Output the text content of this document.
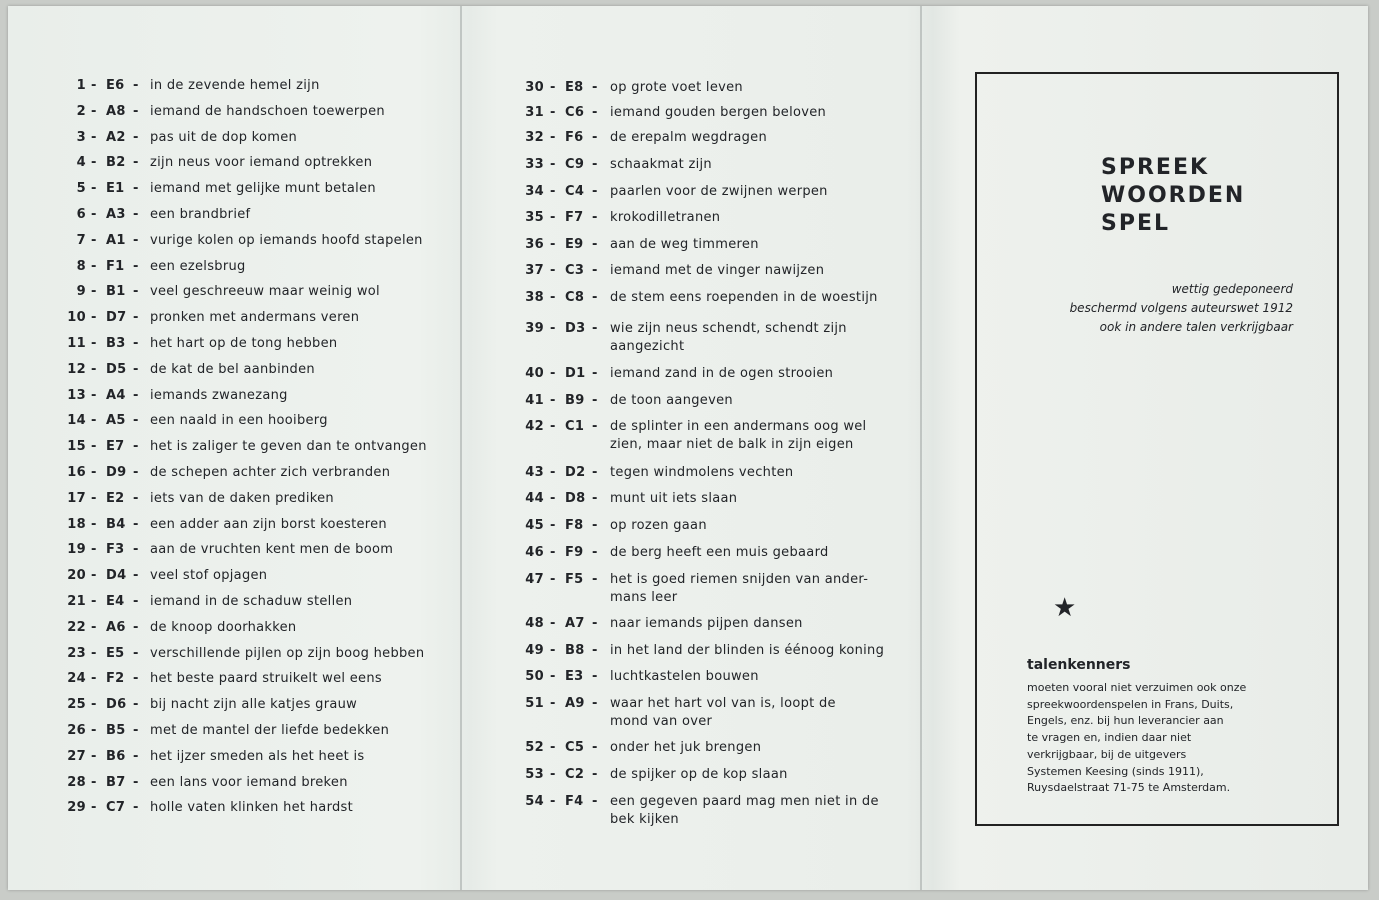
1 - E6 - in de zevende hemel zijn
2 - A8 - iemand de handschoen toewerpen
3 - A2 - pas uit de dop komen
4 - B2 - zijn neus voor iemand optrekken
5 - E1 - iemand met gelijke munt betalen
6 - A3 - een brandbrief
7 - A1 - vurige kolen op iemands hoofd stapelen
8 - F1 - een ezelsbrug
9 - B1 - veel geschreeuw maar weinig wol
10 - D7 - pronken met andermans veren
11 - B3 - het hart op de tong hebben
12 - D5 - de kat de bel aanbinden
13 - A4 - iemands zwanezang
14 - A5 - een naald in een hooiberg
15 - E7 - het is zaliger te geven dan te ontvangen
16 - D9 - de schepen achter zich verbranden
17 - E2 - iets van de daken prediken
18 - B4 - een adder aan zijn borst koesteren
19 - F3 - aan de vruchten kent men de boom
20 - D4 - veel stof opjagen
21 - E4 - iemand in de schaduw stellen
22 - A6 - de knoop doorhakken
23 - E5 - verschillende pijlen op zijn boog hebben
24 - F2 - het beste paard struikelt wel eens
25 - D6 - bij nacht zijn alle katjes grauw
26 - B5 - met de mantel der liefde bedekken
27 - B6 - het ijzer smeden als het heet is
28 - B7 - een lans voor iemand breken
29 - C7 - holle vaten klinken het hardst
30 - E8 - op grote voet leven
31 - C6 - iemand gouden bergen beloven
32 - F6 - de erepalm wegdragen
33 - C9 - schaakmat zijn
34 - C4 - paarlen voor de zwijnen werpen
35 - F7 - krokodilletranen
36 - E9 - aan de weg timmeren
37 - C3 - iemand met de vinger nawijzen
38 - C8 - de stem eens roependen in de woestijn
39 - D3 - wie zijn neus schendt, schendt zijn
aangezicht
40 - D1 - iemand zand in de ogen strooien
41 - B9 - de toon aangeven
42 - C1 - de splinter in een andermans oog wel
zien, maar niet de balk in zijn eigen
43 - D2 - tegen windmolens vechten
44 - D8 - munt uit iets slaan
45 - F8 - op rozen gaan
46 - F9 - de berg heeft een muis gebaard
47 - F5 - het is goed riemen snijden van ander-
mans leer
48 - A7 - naar iemands pijpen dansen
49 - B8 - in het land der blinden is éénoog koning
50 - E3 - luchtkastelen bouwen
51 - A9 - waar het hart vol van is, loopt de
mond van over
52 - C5 - onder het juk brengen
53 - C2 - de spijker op de kop slaan
54 - F4 - een gegeven paard mag men niet in de
bek kijken
SPREEK
WOORDEN
SPEL
wettig gedeponeerd
beschermd volgens auteurswet 1912
ook in andere talen verkrijgbaar
★
talenkenners
moeten vooral niet verzuimen ook onze
spreekwoordenspelen in Frans, Duits,
Engels, enz. bij hun leverancier aan
te vragen en, indien daar niet
verkrijgbaar, bij de uitgevers
Systemen Keesing (sinds 1911),
Ruysdaelstraat 71-75 te Amsterdam.
